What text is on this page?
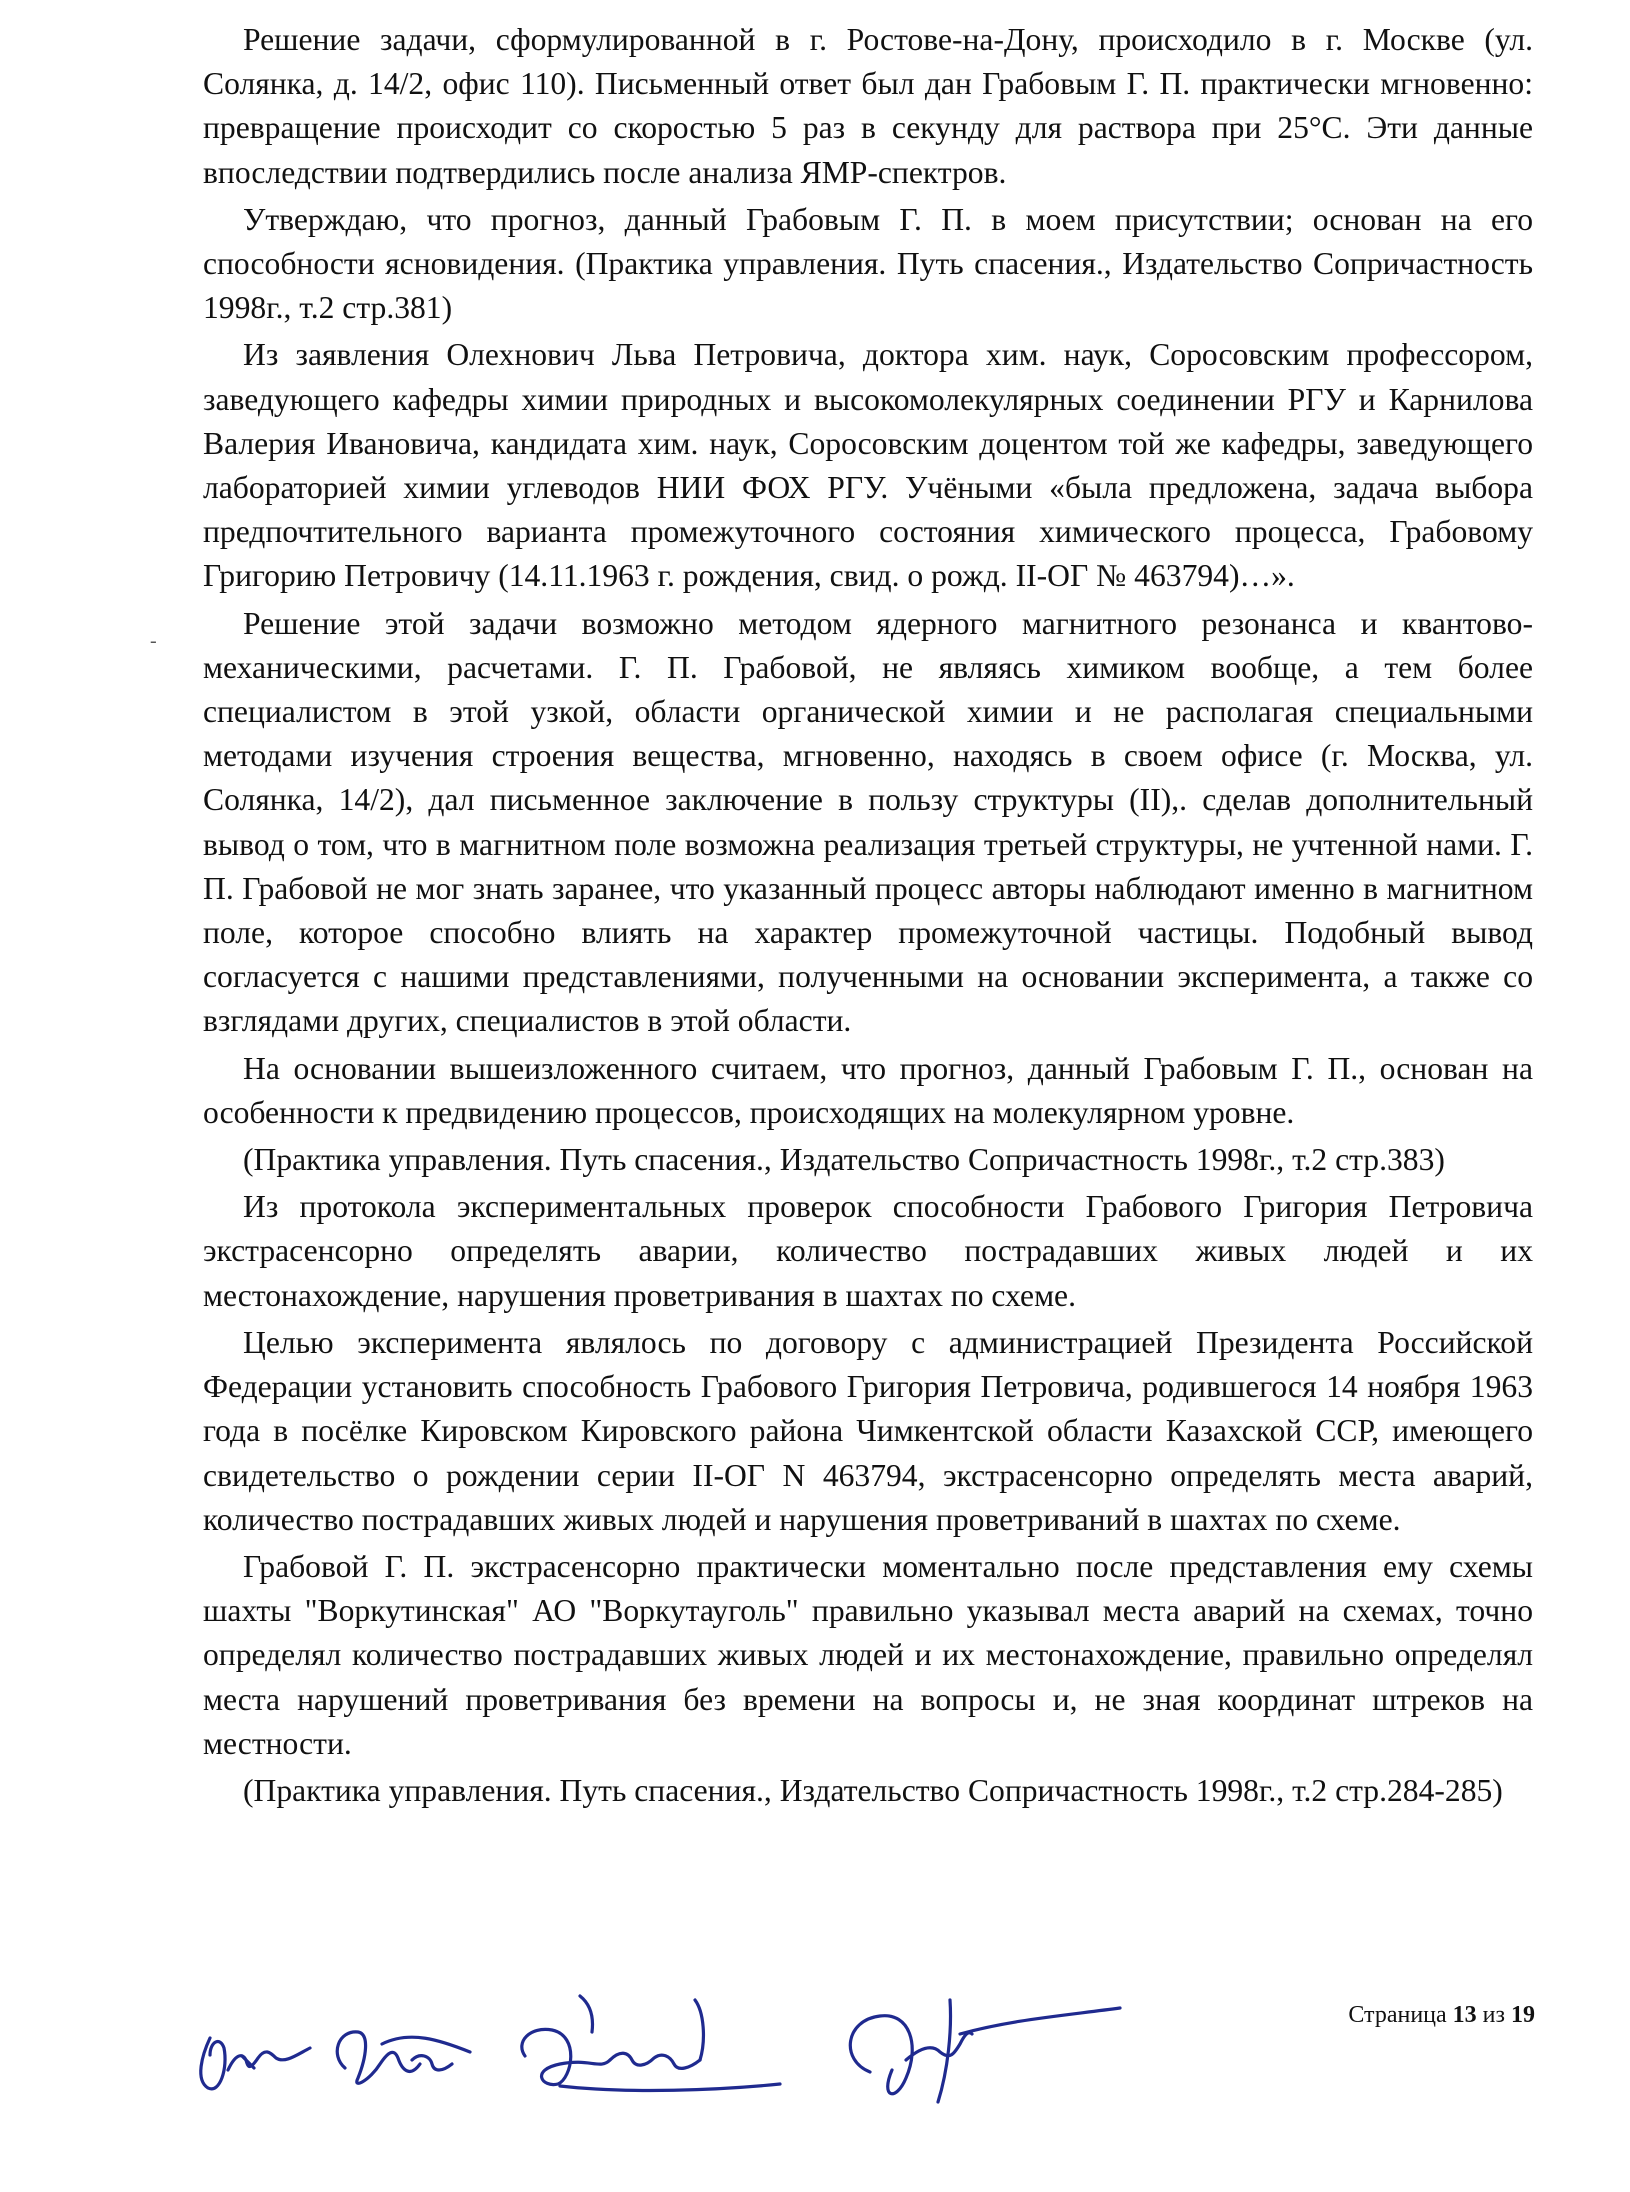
-

Решение задачи, сформулированной в г. Ростове-на-Дону, происходило в г. Москве (ул. Солянка, д. 14/2, офис 110). Письменный ответ был дан Грабовым Г. П. практически мгновенно: превращение происходит со скоростью 5 раз в секунду для раствора при 25°С. Эти данные впоследствии подтвердились после анализа ЯМР-спектров.

Утверждаю, что прогноз, данный Грабовым Г. П. в моем присутствии; основан на его способности ясновидения. (Практика управления. Путь спасения., Издательство Сопричастность 1998г., т.2 стр.381)

Из заявления Олехнович Льва Петровича, доктора хим. наук, Соросовским профессором, заведующего кафедры химии природных и высокомолекулярных соединении РГУ и Карнилова Валерия Ивановича, кандидата хим. наук, Соросовским доцентом той же кафедры, заведующего лабораторией химии углеводов НИИ ФОХ РГУ. Учёными «была предложена, задача выбора предпочтительного варианта промежуточного состояния химического процесса, Грабовому Григорию Петровичу (14.11.1963 г. рождения, свид. о рожд. II-ОГ № 463794)…».

Решение этой задачи возможно методом ядерного магнитного резонанса и квантово-механическими, расчетами. Г. П. Грабовой, не являясь химиком вообще, а тем более специалистом в этой узкой, области органической химии и не располагая специальными методами изучения строения вещества, мгновенно, находясь в своем офисе (г. Москва, ул. Солянка, 14/2), дал письменное заключение в пользу структуры (II),. сделав дополнительный вывод о том, что в магнитном поле возможна реализация третьей структуры, не учтенной нами. Г. П. Грабовой не мог знать заранее, что указанный процесс авторы наблюдают именно в магнитном поле, которое способно влиять на характер промежуточной частицы. Подобный вывод согласуется с нашими представлениями, полученными на основании эксперимента, а также со взглядами других, специалистов в этой области.

На основании вышеизложенного считаем, что прогноз, данный Грабовым Г. П., основан на особенности к предвидению процессов, происходящих на молекулярном уровне.

(Практика управления. Путь спасения., Издательство Сопричастность 1998г., т.2 стр.383)

Из протокола экспериментальных проверок способности Грабового Григория Петровича экстрасенсорно определять аварии, количество пострадавших живых людей и их местонахождение, нарушения проветривания в шахтах по схеме.

Целью эксперимента являлось по договору с администрацией Президента Российской Федерации установить способность Грабового Григория Петровича, родившегося 14 ноября 1963 года в посёлке Кировском Кировского района Чимкентской области Казахской ССР, имеющего свидетельство о рождении серии II-ОГ N 463794, экстрасенсорно определять места аварий, количество пострадавших живых людей и нарушения проветриваний в шахтах по схеме.

Грабовой Г. П. экстрасенсорно практически моментально после представления ему схемы шахты "Воркутинская" АО "Воркутауголь" правильно указывал места аварий на схемах, точно определял количество пострадавших живых людей и их местонахождение, правильно определял места нарушений проветривания без времени на вопросы и, не зная координат штреков на местности.

(Практика управления. Путь спасения., Издательство Сопричастность 1998г., т.2 стр.284-285)

Страница 13 из 19
